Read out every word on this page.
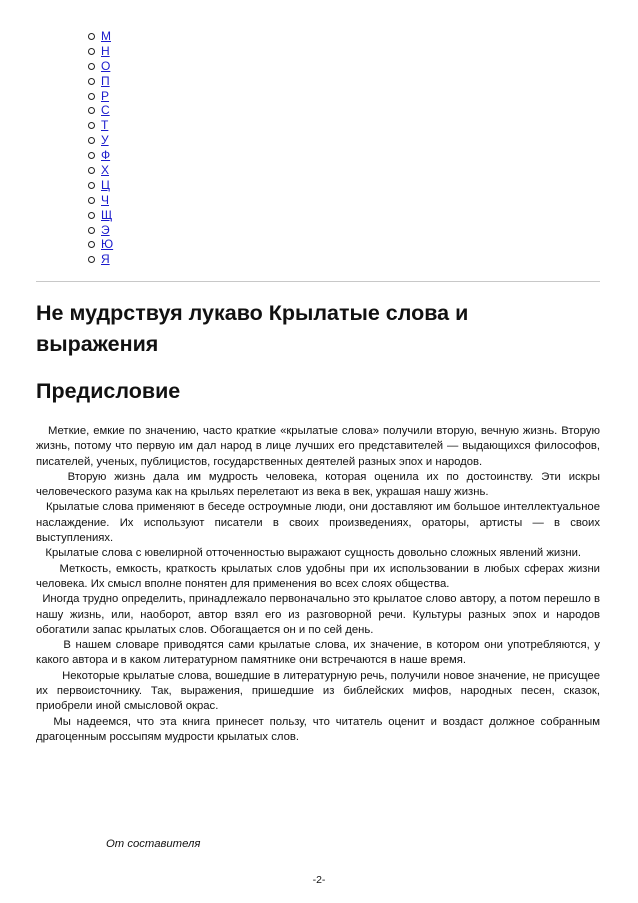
М
Н
О
П
Р
С
Т
У
Ф
Х
Ц
Ч
Щ
Э
Ю
Я
Не мудрствуя лукаво Крылатые слова и выражения
Предисловие

Меткие, емкие по значению, часто краткие «крылатые слова» получили вторую, вечную жизнь. Вторую жизнь, потому что первую им дал народ в лице лучших его представителей — выдающихся философов, писателей, ученых, публицистов, государственных деятелей разных эпох и народов.

Вторую жизнь дала им мудрость человека, которая оценила их по достоинству. Эти искры человеческого разума как на крыльях перелетают из века в век, украшая нашу жизнь.

Крылатые слова применяют в беседе остроумные люди, они доставляют им большое интеллектуальное наслаждение. Их используют писатели в своих произведениях, ораторы, артисты — в своих выступлениях.

Крылатые слова с ювелирной отточенностью выражают сущность довольно сложных явлений жизни.

Меткость, емкость, краткость крылатых слов удобны при их использовании в любых сферах жизни человека. Их смысл вполне понятен для применения во всех слоях общества.

Иногда трудно определить, принадлежало первоначально это крылатое слово автору, а потом перешло в нашу жизнь, или, наоборот, автор взял его из разговорной речи. Культуры разных эпох и народов обогатили запас крылатых слов. Обогащается он и по сей день.

В нашем словаре приводятся сами крылатые слова, их значение, в котором они употребляются, у какого автора и в каком литературном памятнике они встречаются в наше время.

Некоторые крылатые слова, вошедшие в литературную речь, получили новое значение, не присущее их первоисточнику. Так, выражения, пришедшие из библейских мифов, народных песен, сказок, приобрели иной смысловой окрас.

Мы надеемся, что эта книга принесет пользу, что читатель оценит и воздаст должное собранным драгоценным россыпям мудрости крылатых слов.

От составителя
-2-
